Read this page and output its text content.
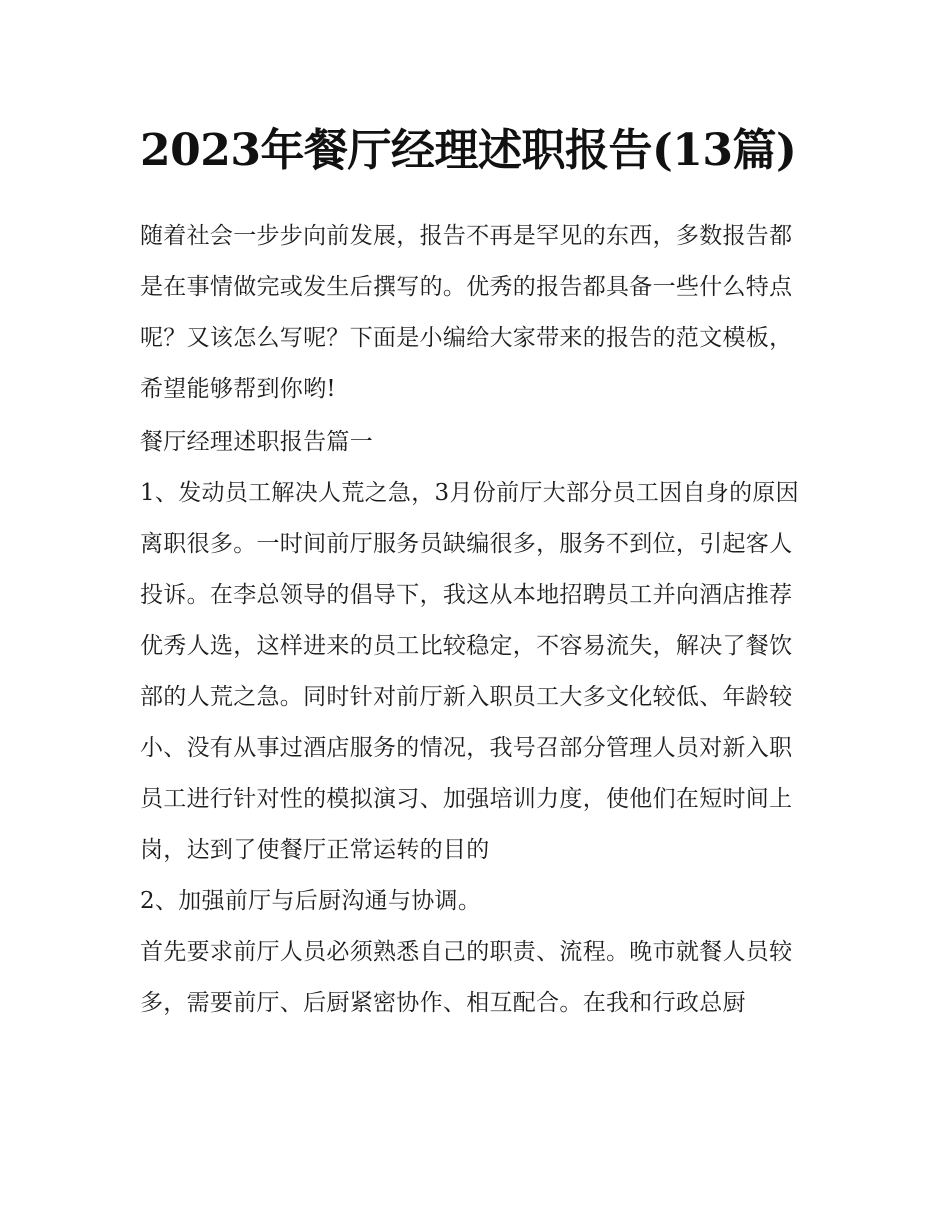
2023年餐厅经理述职报告(13篇)

随着社会一步步向前发展，报告不再是罕见的东西，多数报告都是在事情做完或发生后撰写的。优秀的报告都具备一些什么特点呢？又该怎么写呢？下面是小编给大家带来的报告的范文模板，希望能够帮到你哟!

餐厅经理述职报告篇一

1、发动员工解决人荒之急，3月份前厅大部分员工因自身的原因离职很多。一时间前厅服务员缺编很多，服务不到位，引起客人投诉。在李总领导的倡导下，我这从本地招聘员工并向酒店推荐优秀人选，这样进来的员工比较稳定，不容易流失，解决了餐饮部的人荒之急。同时针对前厅新入职员工大多文化较低、年龄较小、没有从事过酒店服务的情况，我号召部分管理人员对新入职员工进行针对性的模拟演习、加强培训力度，使他们在短时间上岗，达到了使餐厅正常运转的目的

2、加强前厅与后厨沟通与协调。

首先要求前厅人员必须熟悉自己的职责、流程。晚市就餐人员较多，需要前厅、后厨紧密协作、相互配合。在我和行政总厨
